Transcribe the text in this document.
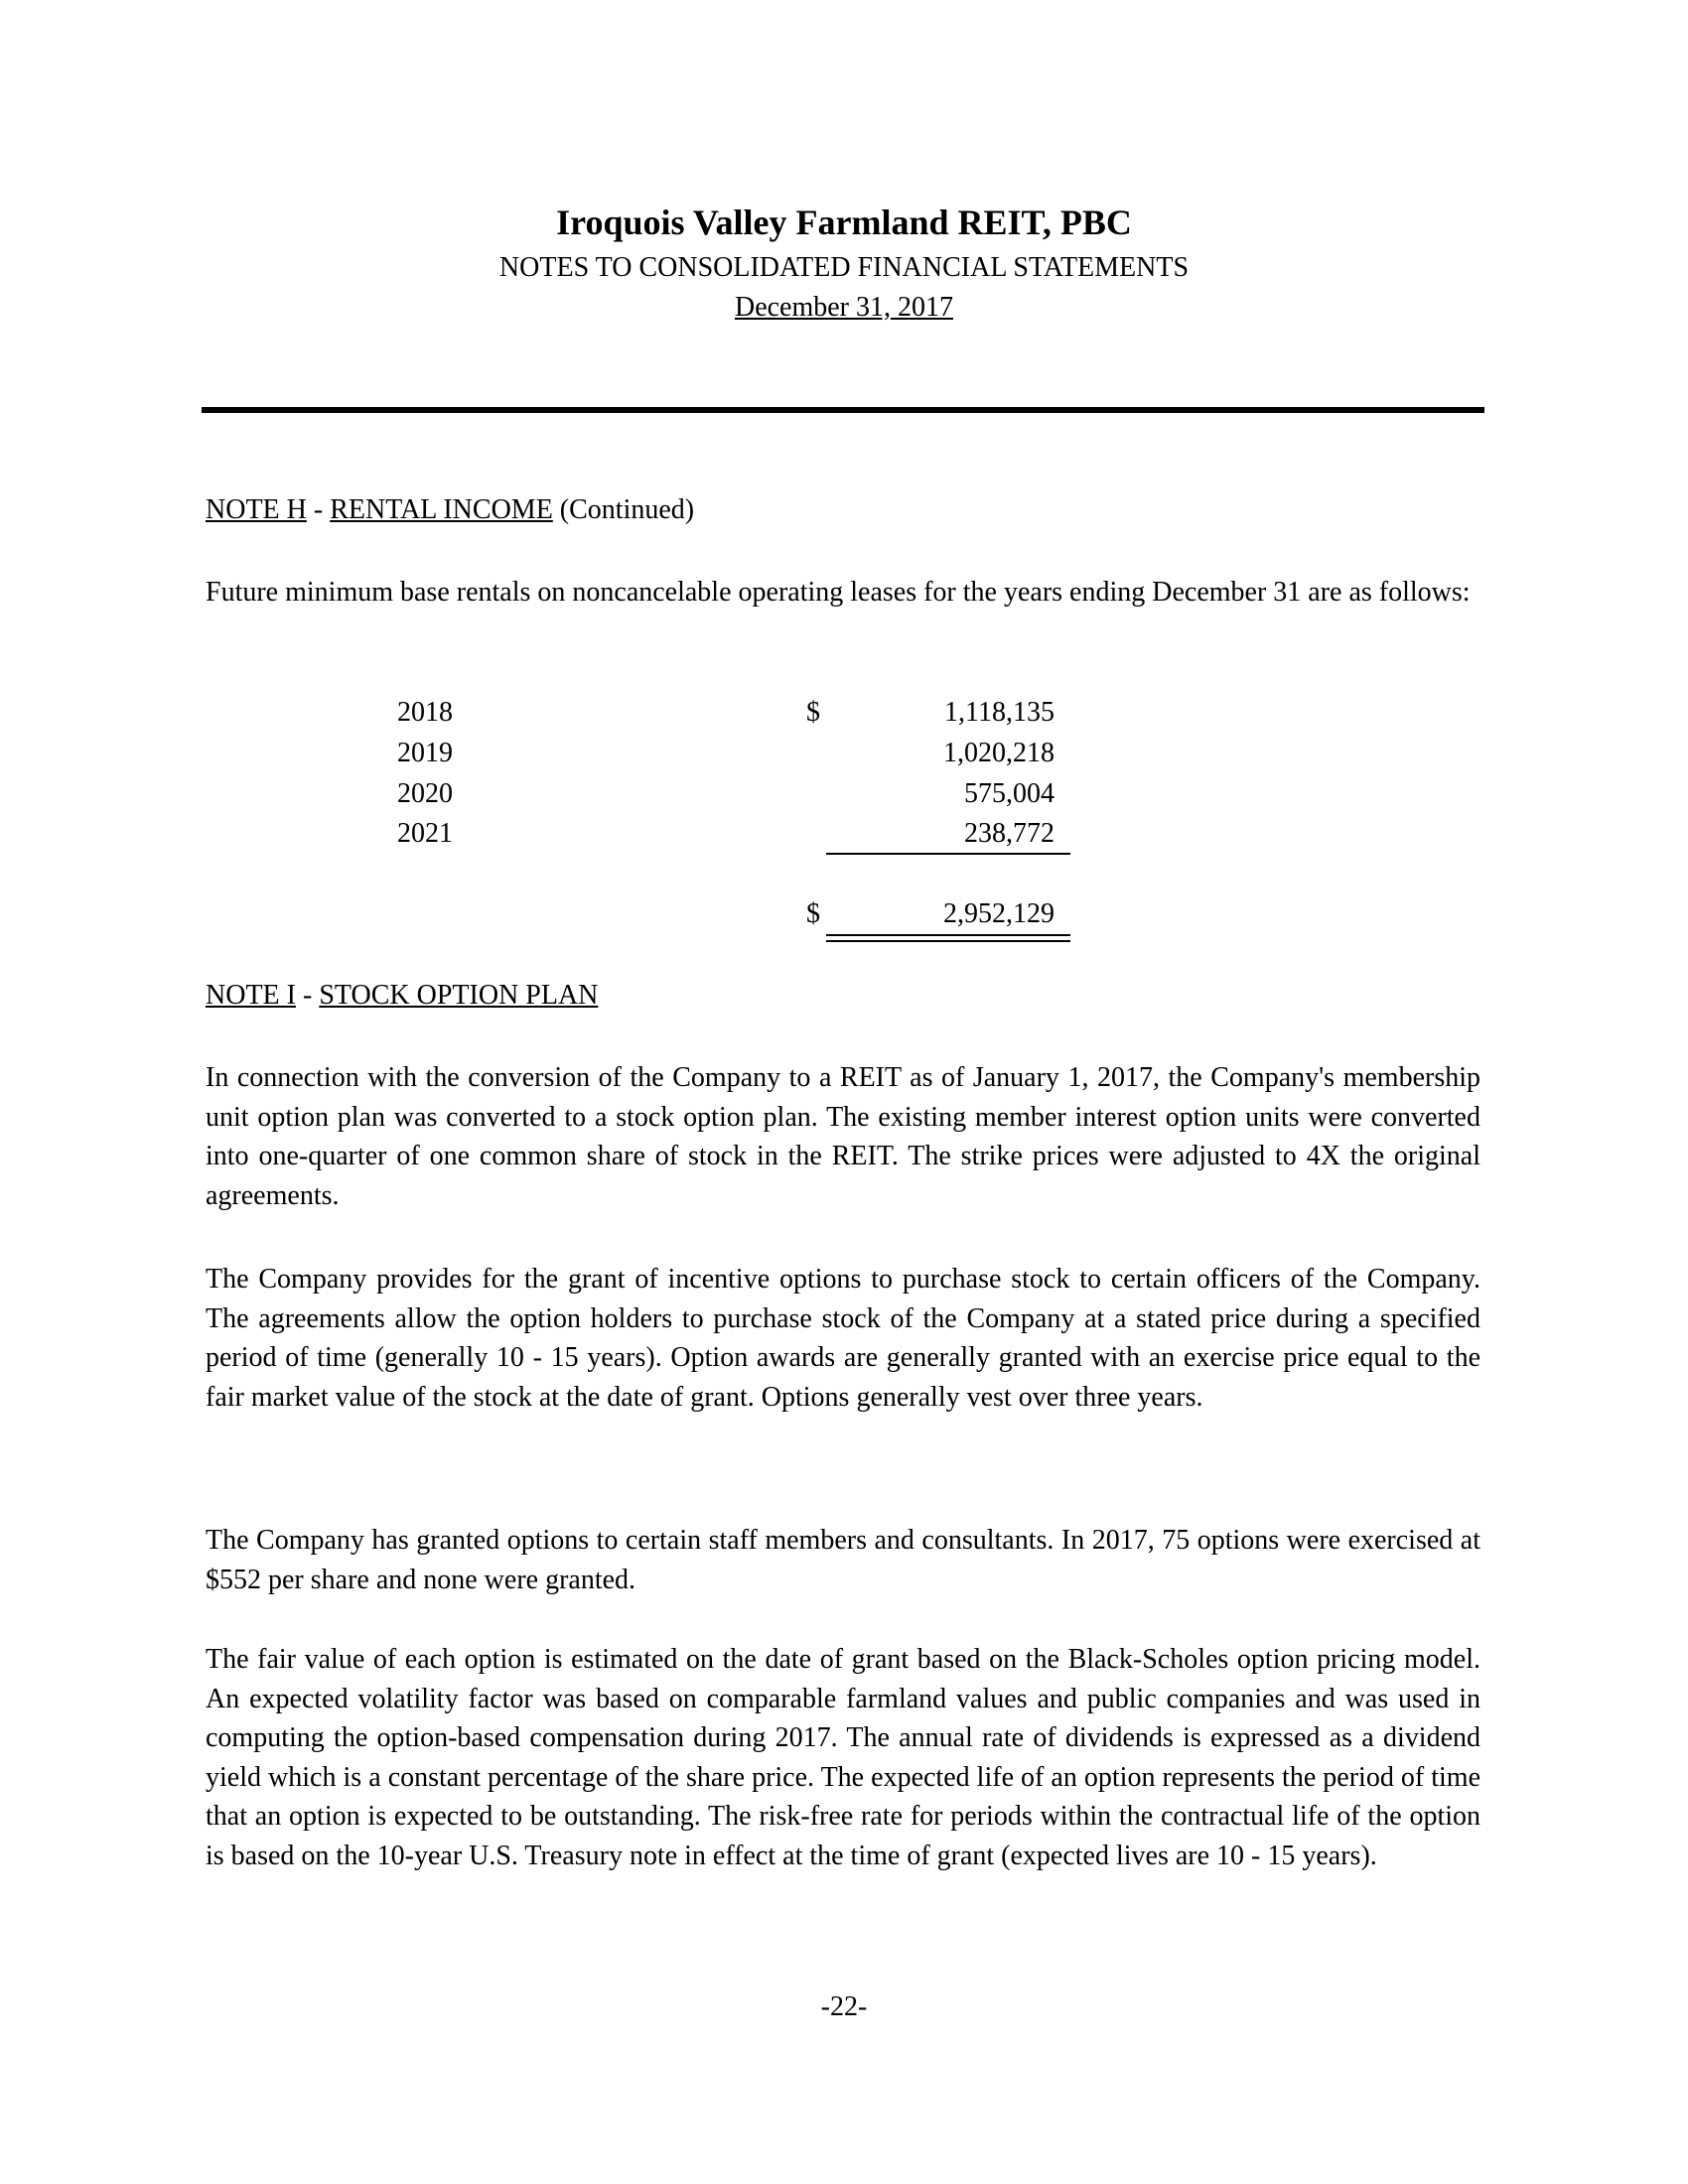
Iroquois Valley Farmland REIT, PBC
NOTES TO CONSOLIDATED FINANCIAL STATEMENTS
December 31, 2017
NOTE H - RENTAL INCOME (Continued)

Future minimum base rentals on noncancelable operating leases for the years ending December 31 are as follows:

$
2018	1,118,135
2019	1,020,218
2020	575,004
2021	238,772
$	2,952,129
NOTE I - STOCK OPTION PLAN

In connection with the conversion of the Company to a REIT as of January 1, 2017, the Company's membership unit option plan was converted to a stock option plan. The existing member interest option units were converted into one-quarter of one common share of stock in the REIT. The strike prices were adjusted to 4X the original agreements.

The Company provides for the grant of incentive options to purchase stock to certain officers of the Company. The agreements allow the option holders to purchase stock of the Company at a stated price during a specified period of time (generally 10 - 15 years). Option awards are generally granted with an exercise price equal to the fair market value of the stock at the date of grant. Options generally vest over three years.

The Company has granted options to certain staff members and consultants. In 2017, 75 options were exercised at $552 per share and none were granted.

The fair value of each option is estimated on the date of grant based on the Black-Scholes option pricing model. An expected volatility factor was based on comparable farmland values and public companies and was used in computing the option-based compensation during 2017. The annual rate of dividends is expressed as a dividend yield which is a constant percentage of the share price. The expected life of an option represents the period of time that an option is expected to be outstanding. The risk-free rate for periods within the contractual life of the option is based on the 10-year U.S. Treasury note in effect at the time of grant (expected lives are 10 - 15 years).

-22-
